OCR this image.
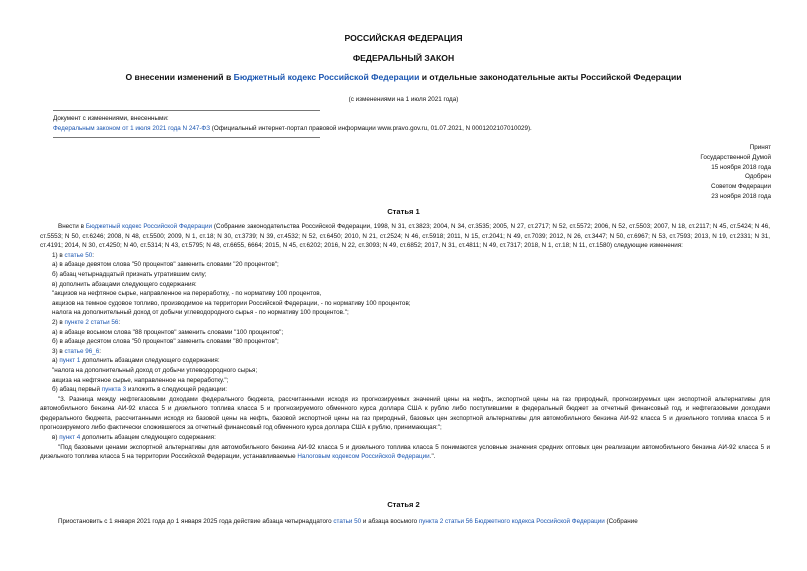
РОССИЙСКАЯ ФЕДЕРАЦИЯ
ФЕДЕРАЛЬНЫЙ ЗАКОН
О внесении изменений в Бюджетный кодекс Российской Федерации и отдельные законодательные акты Российской Федерации
(с изменениями на 1 июля 2021 года)
Документ с изменениями, внесенными:
Федеральным законом от 1 июля 2021 года N 247-ФЗ (Официальный интернет-портал правовой информации www.pravo.gov.ru, 01.07.2021, N 0001202107010029).
Принят
Государственной Думой
15 ноября 2018 года
Одобрен
Советом Федерации
23 ноября 2018 года
Статья 1

Внести в Бюджетный кодекс Российской Федерации (Собрание законодательства Российской Федерации, 1998, N 31, ст.3823; 2004, N 34, ст.3535; 2005, N 27, ст.2717; N 52, ст.5572; 2006, N 52, ст.5503; 2007, N 18, ст.2117; N 45, ст.5424; N 46, ст.5553; N 50, ст.6246; 2008, N 48, ст.5500; 2009, N 1, ст.18; N 30, ст.3739; N 39, ст.4532; N 52, ст.6450; 2010, N 21, ст.2524; N 46, ст.5918; 2011, N 15, ст.2041; N 49, ст.7039; 2012, N 26, ст.3447; N 50, ст.6967; N 53, ст.7593; 2013, N 19, ст.2331; N 31, ст.4191; 2014, N 30, ст.4250; N 40, ст.5314; N 43, ст.5795; N 48, ст.6655, 6664; 2015, N 45, ст.6202; 2016, N 22, ст.3093; N 49, ст.6852; 2017, N 31, ст.4811; N 49, ст.7317; 2018, N 1, ст.18; N 11, ст.1580) следующие изменения:

1) в статье 50:

а) в абзаце девятом слова "50 процентов" заменить словами "20 процентов";

б) абзац четырнадцатый признать утратившим силу;

в) дополнить абзацами следующего содержания:

"акцизов на нефтяное сырье, направленное на переработку, - по нормативу 100 процентов,

акцизов на темное судовое топливо, производимое на территории Российской Федерации, - по нормативу 100 процентов;

налога на дополнительный доход от добычи углеводородного сырья - по нормативу 100 процентов.";

2) в пункте 2 статьи 56:

а) в абзаце восьмом слова "88 процентов" заменить словами "100 процентов";

б) в абзаце десятом слова "50 процентов" заменить словами "80 процентов";

3) в статье 96_6:

а) пункт 1 дополнить абзацами следующего содержания:

"налога на дополнительный доход от добычи углеводородного сырья;

акциза на нефтяное сырье, направленное на переработку.";

б) абзац первый пункта 3 изложить в следующей редакции:

"3. Разница между нефтегазовыми доходами федерального бюджета, рассчитанными исходя из прогнозируемых значений цены на нефть, экспортной цены на газ природный, прогнозируемых цен экспортной альтернативы для автомобильного бензина АИ-92 класса 5 и дизельного топлива класса 5 и прогнозируемого обменного курса доллара США к рублю либо поступившими в федеральный бюджет за отчетный финансовый год, и нефтегазовыми доходами федерального бюджета, рассчитанными исходя из базовой цены на нефть, базовой экспортной цены на газ природный, базовых цен экспортной альтернативы для автомобильного бензина АИ-92 класса 5 и дизельного топлива класса 5 и прогнозируемого либо фактически сложившегося за отчетный финансовый год обменного курса доллара США к рублю, принимающая:";

в) пункт 4 дополнить абзацем следующего содержания:

"Под базовыми ценами экспортной альтернативы для автомобильного бензина АИ-92 класса 5 и дизельного топлива класса 5 понимаются условные значения средних оптовых цен реализации автомобильного бензина АИ-92 класса 5 и дизельного топлива класса 5 на территории Российской Федерации, устанавливаемые Налоговым кодексом Российской Федерации.".

Статья 2
Приостановить с 1 января 2021 года до 1 января 2025 года действие абзаца четырнадцатого статьи 50 и абзаца восьмого пункта 2 статьи 56 Бюджетного кодекса Российской Федерации (Собрание
